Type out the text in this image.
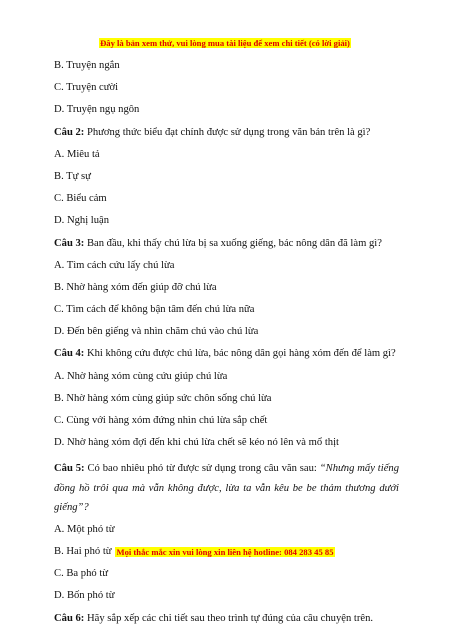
Đây là bản xem thử, vui lòng mua tài liệu để xem chi tiết (có lời giải)

B. Truyện ngắn

C. Truyện cười

D. Truyện ngụ ngôn

Câu 2: Phương thức biểu đạt chính được sử dụng trong văn bản trên là gì?

A. Miêu tả

B. Tự sự

C. Biểu cảm

D. Nghị luận

Câu 3: Ban đầu, khi thấy chú lừa bị sa xuống giếng, bác nông dân đã làm gì?

A. Tìm cách cứu lấy chú lừa

B. Nhờ hàng xóm đến giúp đỡ chú lừa

C. Tìm cách để không bận tâm đến chú lừa nữa

D. Đến bên giếng và nhìn chăm chú vào chú lừa

Câu 4: Khi không cứu được chú lừa, bác nông dân gọi hàng xóm đến để làm gì?

A. Nhờ hàng xóm cùng cứu giúp chú lừa

B. Nhờ hàng xóm cùng giúp sức chôn sống chú lừa

C. Cùng với hàng xóm đứng nhìn chú lừa sắp chết

D. Nhờ hàng xóm đợi đến khi chú lừa chết sẽ kéo nó lên và mổ thịt

Câu 5: Có bao nhiêu phó từ được sử dụng trong câu văn sau: “Nhưng mấy tiếng đồng hồ trôi qua mà vẫn không được, lừa ta vẫn kêu be be thảm thương dưới giếng”?

A. Một phó từ

B. Hai phó từ

C. Ba phó từ

D. Bốn phó từ

Câu 6: Hãy sắp xếp các chi tiết sau theo trình tự đúng của câu chuyện trên.

Mọi thắc mắc xin vui lòng xin liên hệ hotline: 084 283 45 85
